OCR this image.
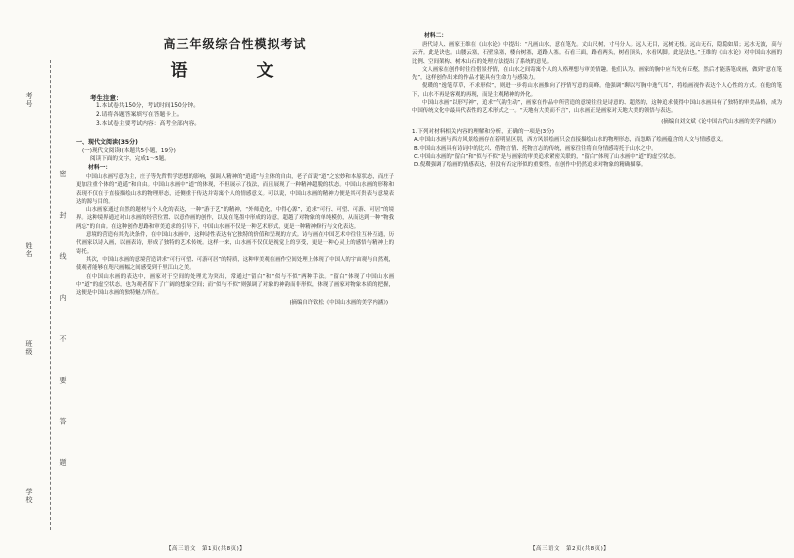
考号
姓名
班级
学校
密 封 线 内 不 要 答 题
高三年级综合性模拟考试
语　文
考生注意：
1.本试卷共150分，考试时间150分钟。
2.请将各题答案填写在答题卡上。
3.本试卷主要考试内容：高考全部内容。
一、现代文阅读(35分)
(一)现代文阅读Ⅰ(本题共5小题，19分)
阅读下面的文字，完成1～5题。
材料一：

中国山水画写意为主，庄子等先哲哲学思想的影响，强调人精神的“逍遥”与主体的自由，老子首说“道”之宏妙和本原状态，而庄子更加注重个体的“逍遥”和自由。中国山水画中“道”的体现，不但展示了技法，而且展现了一种精神超脱的状态。中国山水画的形称和表现不仅在于直接描绘山水的物理形态，还侧重于传达并寄寓个人的情感意义。可以说，中国山水画的精神力便是其可贵表与意境表达的源与目的。

山水画家通过自然的题材与个人化的表达，一种“游于艺”的精神，“外师造化，中得心源”，追求“可行、可望、可游、可居”的境界。这种境界通过对山水画的经营位置、以意作画的创作，以及在笔墨中形成的诗意，超越了对物象的单纯模仿，从而达到一种“物我两忘”的自由。在这种创作思路和审美追求的引导下，中国山水画不仅是一种艺术形式，更是一种精神修行与文化表达。

意境的营造有其先决条件，在中国山水画中，这种诗性表达有它独特的价值和呈现的方式。诗与画在中国艺术中往往互补互通，历代画家以诗入画，以画表诗，形成了独特的艺术传统。这样一来，山水画不仅仅是视觉上的享受，更是一种心灵上的感悟与精神上的寄托。

其次，中国山水画的意境营造讲求“可行可望、可游可居”的特质，这种审美观在画作空间处理上体现了中国人的宇宙观与自然观，使观者能够在咫尺画幅之间感受到千里江山之美。

在中国山水画的表达中，画家对于空间的处理尤为突出，常通过“留白”和“似与不似”两种手法。“留白”体现了中国山水画中“道”的虚空状态，也为观者留下了广阔的想象空间；而“似与不似”则强调了对象的神韵而非形似，体现了画家对物象本质的把握，这便是中国山水画的独特魅力所在。

(摘编自许钦松《中国山水画的美学内涵》)
【高三语文　第1页(共8页)】
材料二：

唐代诗人、画家王维在《山水论》中提出：“凡画山水，意在笔先。丈山尺树，寸马分人。远人无目，远树无枝。远山无石，隐隐如眉；远水无波，高与云齐。此是诀也。山腰云塞，石壁泉塞，楼台树塞，道路人塞。石看三面，路看两头，树看顶头，水看风脚。此是法也。”王维的《山水论》对中国山水画的比例、空间架构、树木山石的处理方法提出了系统的意见。

文人画家在创作时往往借景抒情，在山水之间寄寓个人的人格理想与审美情趣。他们认为，画家的胸中应当先有丘壑，然后才能落笔成画，做到“意在笔先”，这样创作出来的作品才能具有生命力与感染力。

倪瓒的“逸笔草草，不求形似”，则进一步将山水画推向了抒情写意的高峰。他强调“聊以写胸中逸气耳”，将绘画视作表达个人心性的方式。在他的笔下，山水不再是客观的再现，而是主观精神的外化。

中国山水画“以形写神”，追求“气韵生动”，画家在作品中所营造的意境往往是诗意的、超然的，这种追求使得中国山水画具有了独特的审美品格，成为中国传统文化中最具代表性的艺术形式之一。“天地有大美而不言”，山水画正是画家对天地大美的领悟与表达。

(摘编自刘文斌《论中国古代山水画的美学内涵》)
1.下列对材料相关内容的理解和分析，正确的一项是(3分)
A.中国山水画与西方风景绘画存在着明显区别，西方风景绘画只会直接描绘山水的物理形态，而忽略了绘画蕴含的人文与情感意义。
B.中国山水画具有诗词中的比兴、借物言情、托物言志的传统，画家往往将自身情感寄托于山水之中。
C.中国山水画的“留白”和“似与不似”是与画家的审美追求紧密关联的，“留白”体现了山水画中“道”的虚空状态。
D.倪瓒强调了绘画的情感表达，但没有否定形似的重要性，在创作中仍然追求对物象的精确描摹。
【高三语文　第2页(共8页)】
